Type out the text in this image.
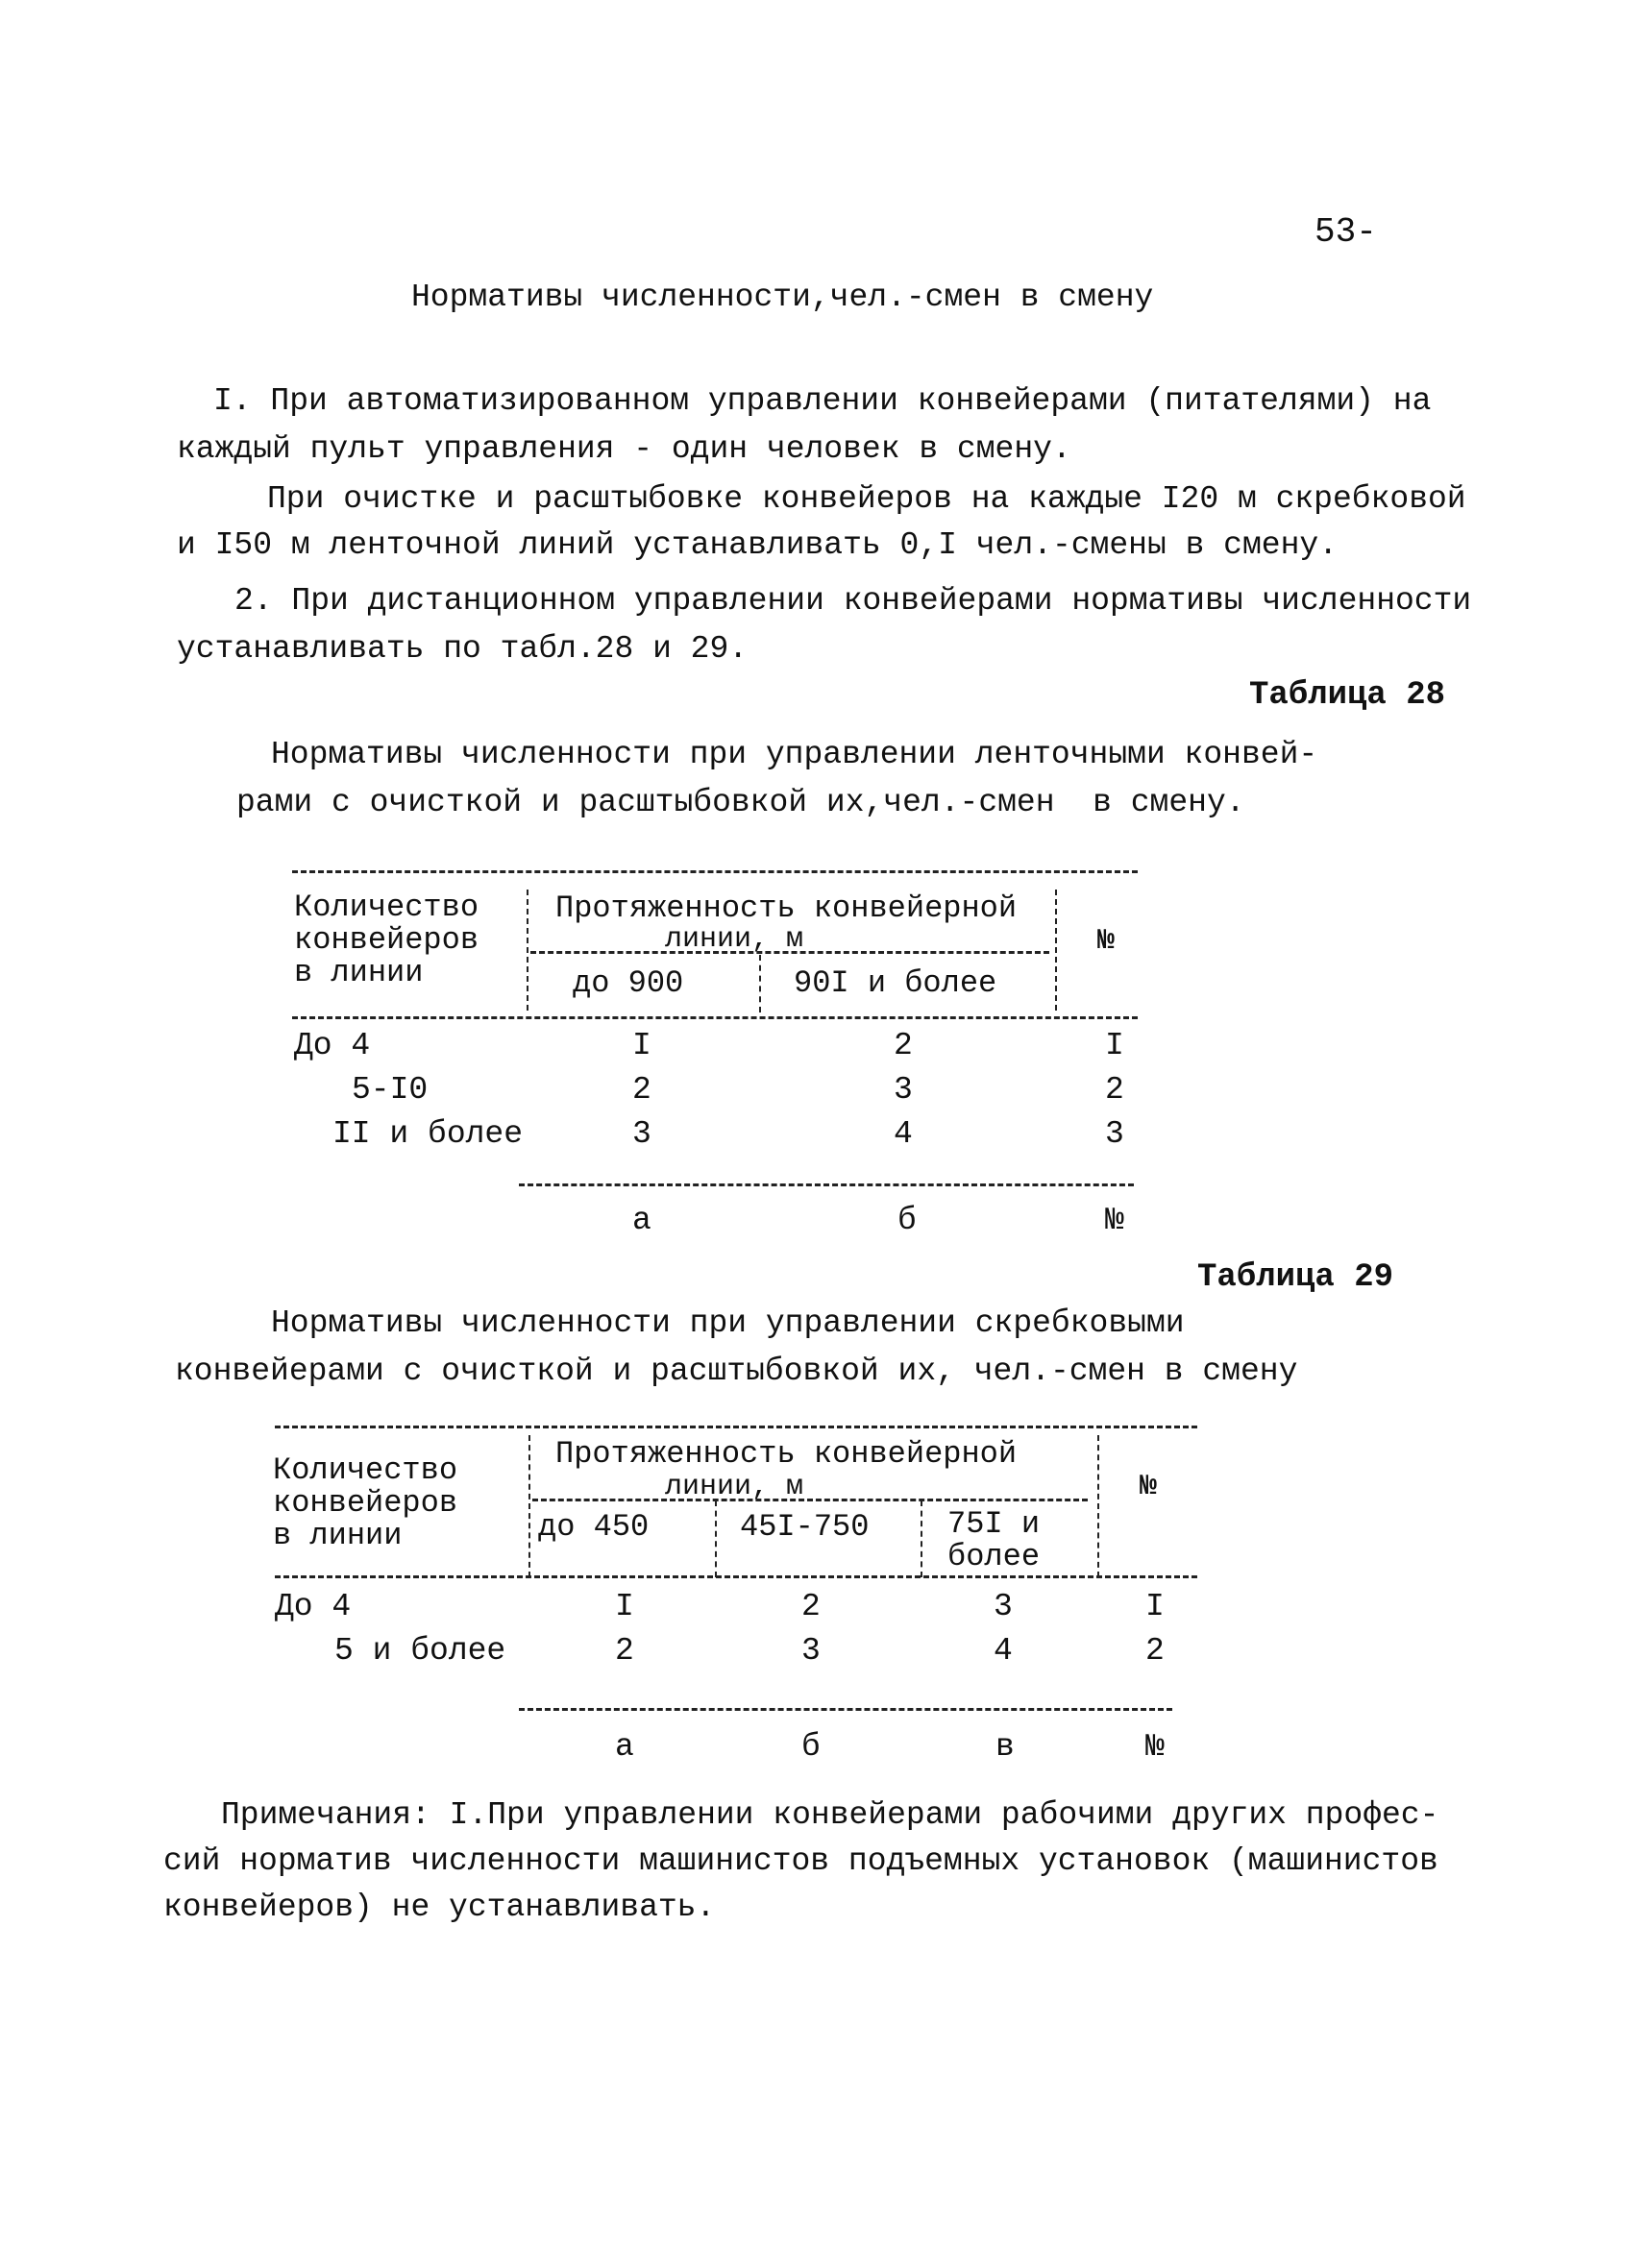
53-
Нормативы численности,чел.-смен в смену
I. При автоматизированном управлении конвейерами (питателями) на
каждый пульт управления - один человек в смену.
При очистке и расштыбовке конвейеров на каждые I20 м скребковой
и I50 м ленточной линий устанавливать 0,I чел.-смены в смену.
2. При дистанционном управлении конвейерами нормативы численности
устанавливать по табл.28 и 29.
Таблица 28
Нормативы численности при управлении ленточными конвей-
рами с очисткой и расштыбовкой их,чел.-смен  в смену.
Количество
конвейеров
в линии
Протяженность конвейерной
линии, м
до 900	90I и более
№
До 4	I	2	I
5-I0	2	3	2
II и более	3	4	3
а	б	№
Таблица 29
Нормативы численности при управлении скребковыми
конвейерами с очисткой и расштыбовкой их, чел.-смен в смену
Количество
конвейеров
в линии
Протяженность конвейерной
линии, м
до 450	45I-750	75I и
более
№
До 4	I	2	3	I
5 и более	2	3	4	2
а	б	в	№
Примечания: I.При управлении конвейерами рабочими других профес-
сий норматив численности машинистов подъемных установок (машинистов
конвейеров) не устанавливать.
